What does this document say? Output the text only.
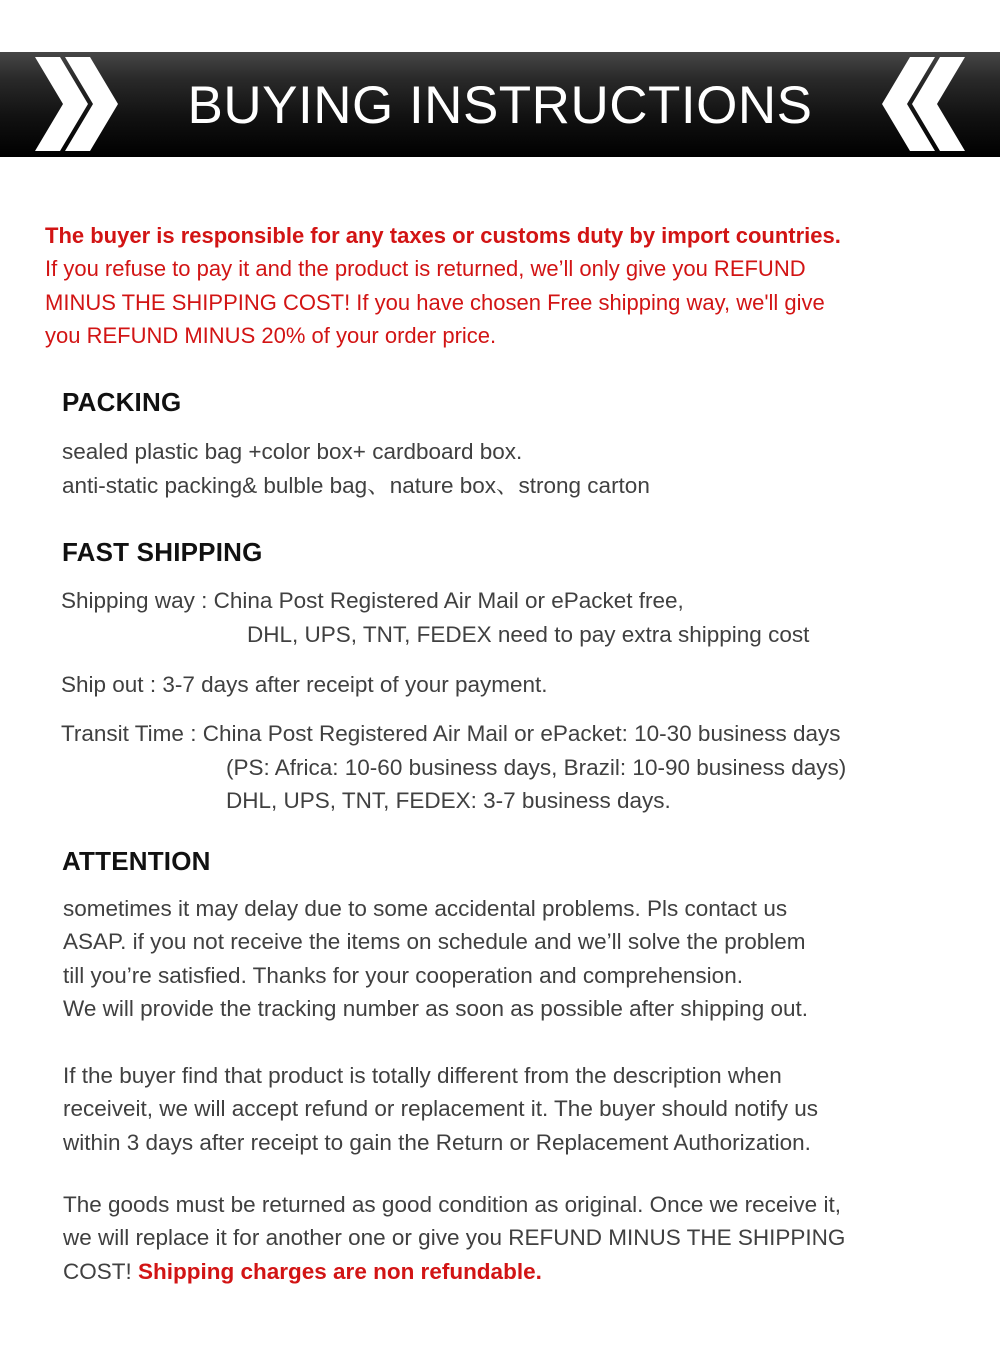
BUYING INSTRUCTIONS
The buyer is responsible for any taxes or customs duty by import countries.
If you refuse to pay it and the product is returned, we’ll only give you REFUND
MINUS THE SHIPPING COST! If you have chosen Free shipping way, we'll give
you REFUND MINUS 20% of your order price.
PACKING
sealed plastic bag +color box+ cardboard box.
anti-static packing& bulble bag、nature box、strong carton
FAST SHIPPING
Shipping way : China Post Registered Air Mail or ePacket free,
DHL, UPS, TNT, FEDEX need to pay extra shipping cost
Ship out : 3-7 days after receipt of your payment.
Transit Time : China Post Registered Air Mail or ePacket: 10-30 business days
(PS: Africa: 10-60 business days, Brazil: 10-90 business days)
DHL, UPS, TNT, FEDEX: 3-7 business days.
ATTENTION
sometimes it may delay due to some accidental problems. Pls contact us
ASAP. if you not receive the items on schedule and we’ll solve the problem
till you’re satisfied. Thanks for your cooperation and comprehension.
We will provide the tracking number as soon as possible after shipping out.
If the buyer find that product is totally different from the description when
receiveit, we will accept refund or replacement it. The buyer should notify us
within 3 days after receipt to gain the Return or Replacement Authorization.
The goods must be returned as good condition as original. Once we receive it,
we will replace it for another one or give you REFUND MINUS THE SHIPPING
COST! Shipping charges are non refundable.
